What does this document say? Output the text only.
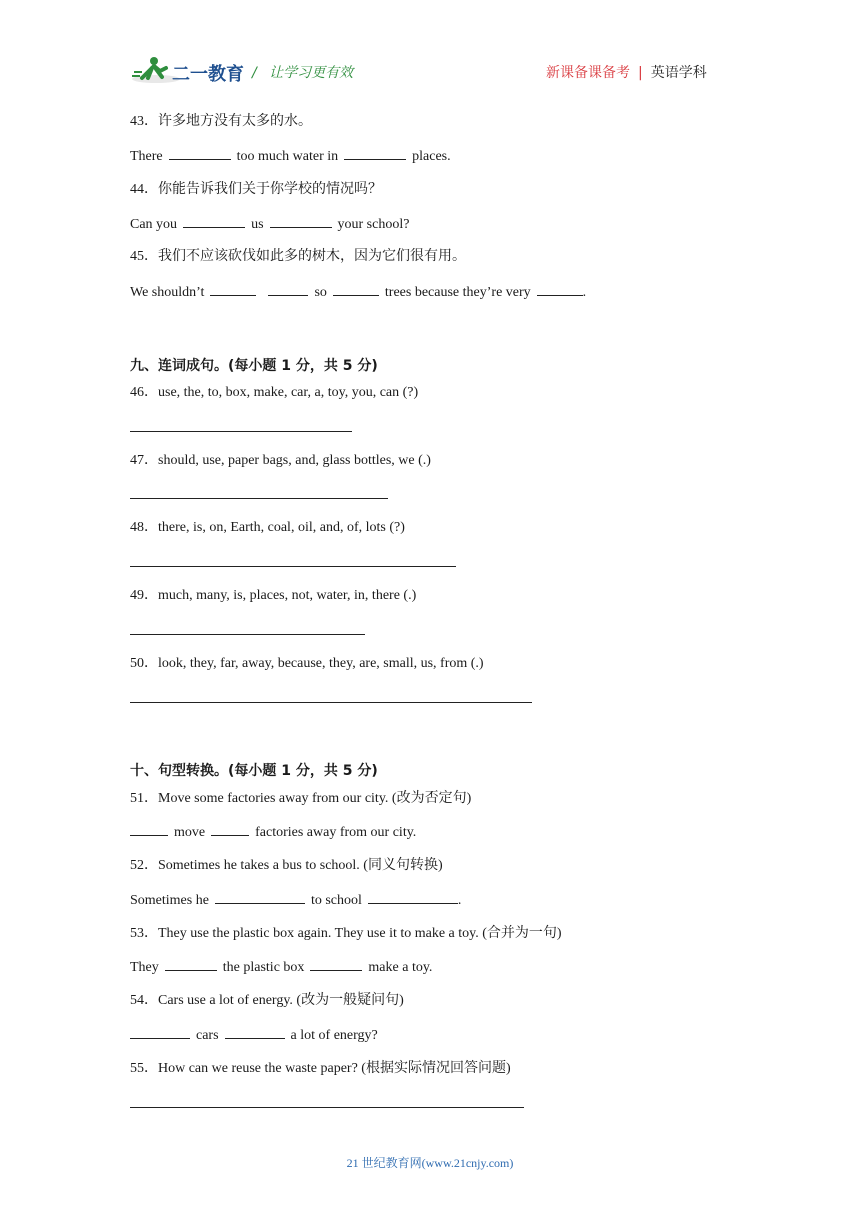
二一教育 / 让学习更有效	新课备课备考 | 英语学科
43．许多地方没有太多的水。
There	too much water in	places.
44．你能告诉我们关于你学校的情况吗？
Can you	us	your school?
45．我们不应该砍伐如此多的树木，因为它们很有用。
We shouldn’t	so	trees because they’re very	.
九、连词成句。(每小题 1 分，共 5 分)
46．use, the, to, box, make, car, a, toy, you, can (?)
47．should, use, paper bags, and, glass bottles, we (.)
48．there, is, on, Earth, coal, oil, and, of, lots (?)
49．much, many, is, places, not, water, in, there (.)
50．look, they, far, away, because, they, are, small, us, from (.)
十、句型转换。(每小题 1 分，共 5 分)
51．Move some factories away from our city. (改为否定句)
move	factories away from our city.
52．Sometimes he takes a bus to school. (同义句转换)
Sometimes he	to school	.
53．They use the plastic box again. They use it to make a toy. (合并为一句)
They	the plastic box	make a toy.
54．Cars use a lot of energy. (改为一般疑问句)
cars	a lot of energy?
55．How can we reuse the waste paper? (根据实际情况回答问题)
21 世纪教育网(www.21cnjy.com)
